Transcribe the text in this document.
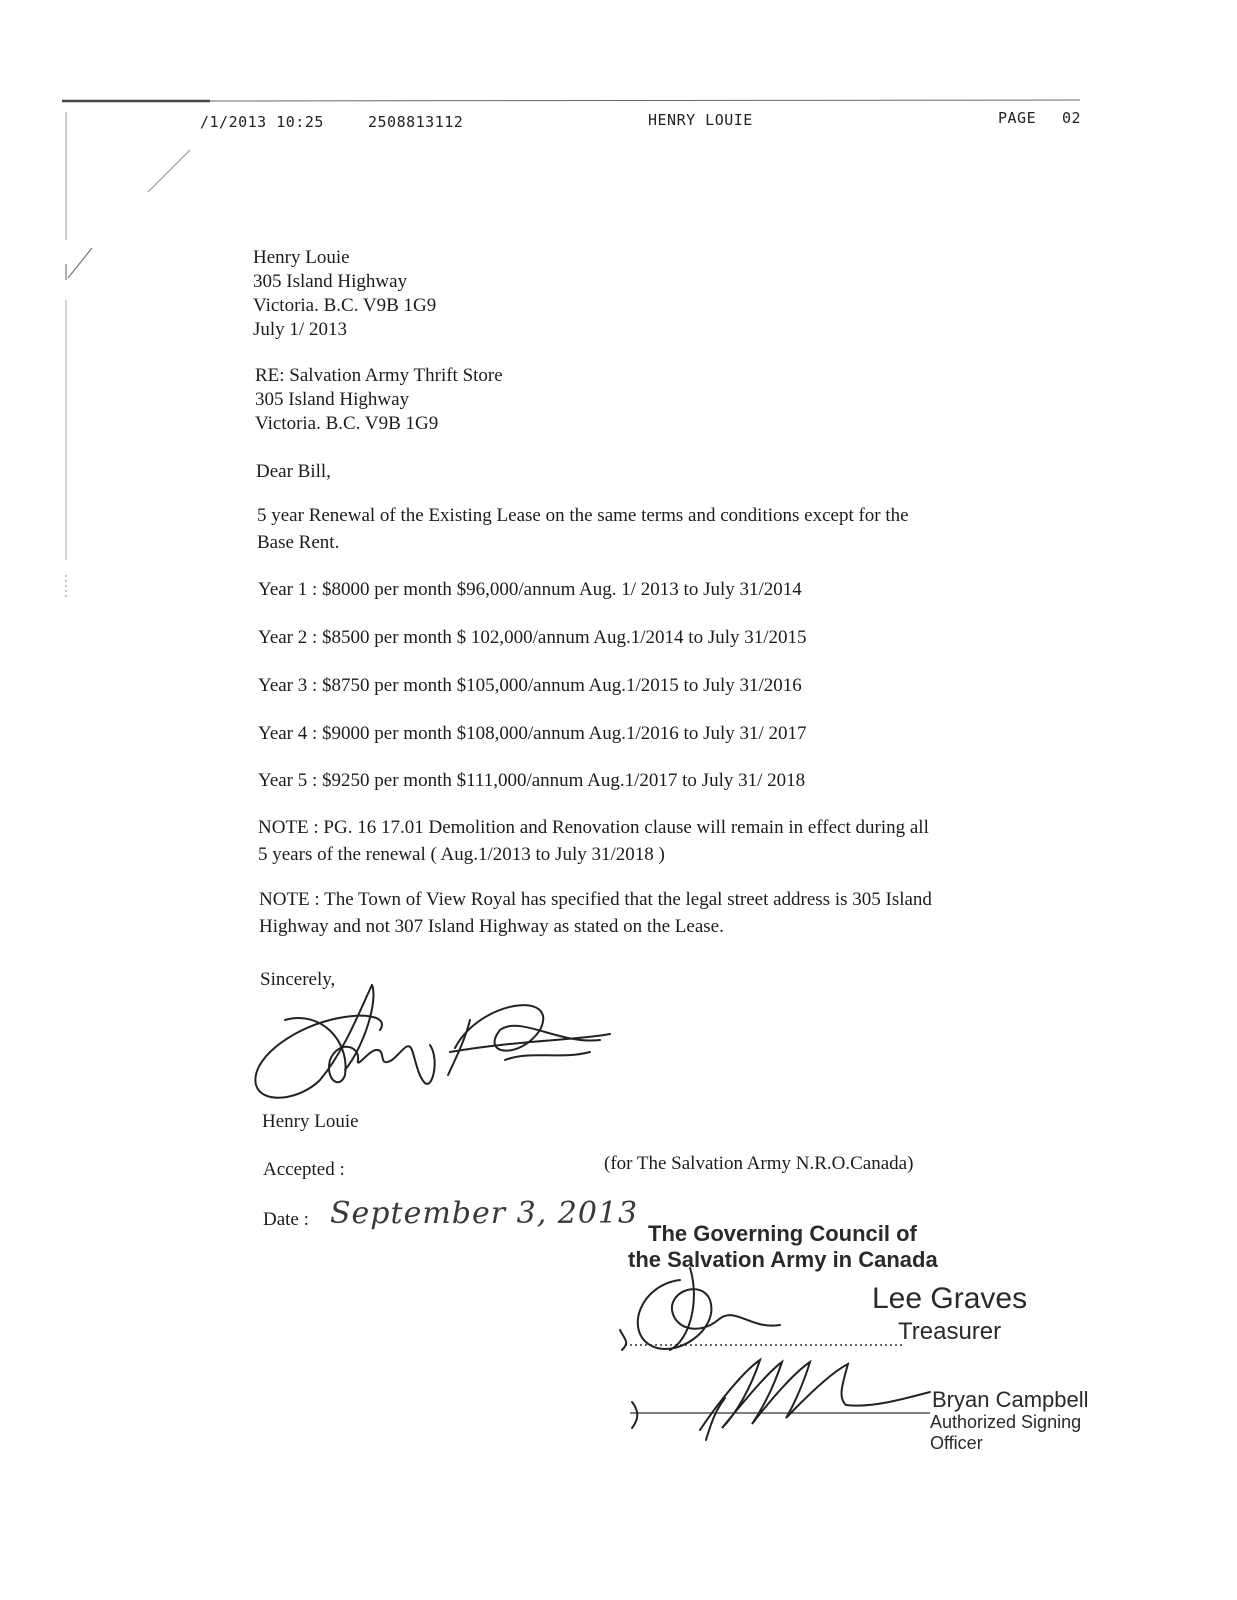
/1/2013 10:25	2508813112	HENRY LOUIE	PAGE 02
Henry Louie
305 Island Highway
Victoria. B.C. V9B 1G9
July 1/ 2013
RE: Salvation Army Thrift Store
305 Island Highway
Victoria. B.C. V9B 1G9
Dear Bill,
5 year Renewal of the Existing Lease on the same terms and conditions except for the
Base Rent.
Year 1 : $8000 per month $96,000/annum Aug. 1/ 2013 to July 31/2014
Year 2 : $8500 per month $ 102,000/annum Aug.1/2014 to July 31/2015
Year 3 : $8750 per month $105,000/annum Aug.1/2015 to July 31/2016
Year 4 : $9000 per month $108,000/annum Aug.1/2016 to July 31/ 2017
Year 5 : $9250 per month $111,000/annum Aug.1/2017 to July 31/ 2018
NOTE : PG. 16 17.01 Demolition and Renovation clause will remain in effect during all
5 years of the renewal ( Aug.1/2013 to July 31/2018 )
NOTE : The Town of View Royal has specified that the legal street address is 305 Island
Highway and not 307 Island Highway as stated on the Lease.
Sincerely,
Henry Louie
Accepted :
Date : September 3, 2013
(for The Salvation Army N.R.O.Canada)
The Governing Council of
the Salvation Army in Canada
Lee Graves
Treasurer
Bryan Campbell
Authorized Signing
Officer
